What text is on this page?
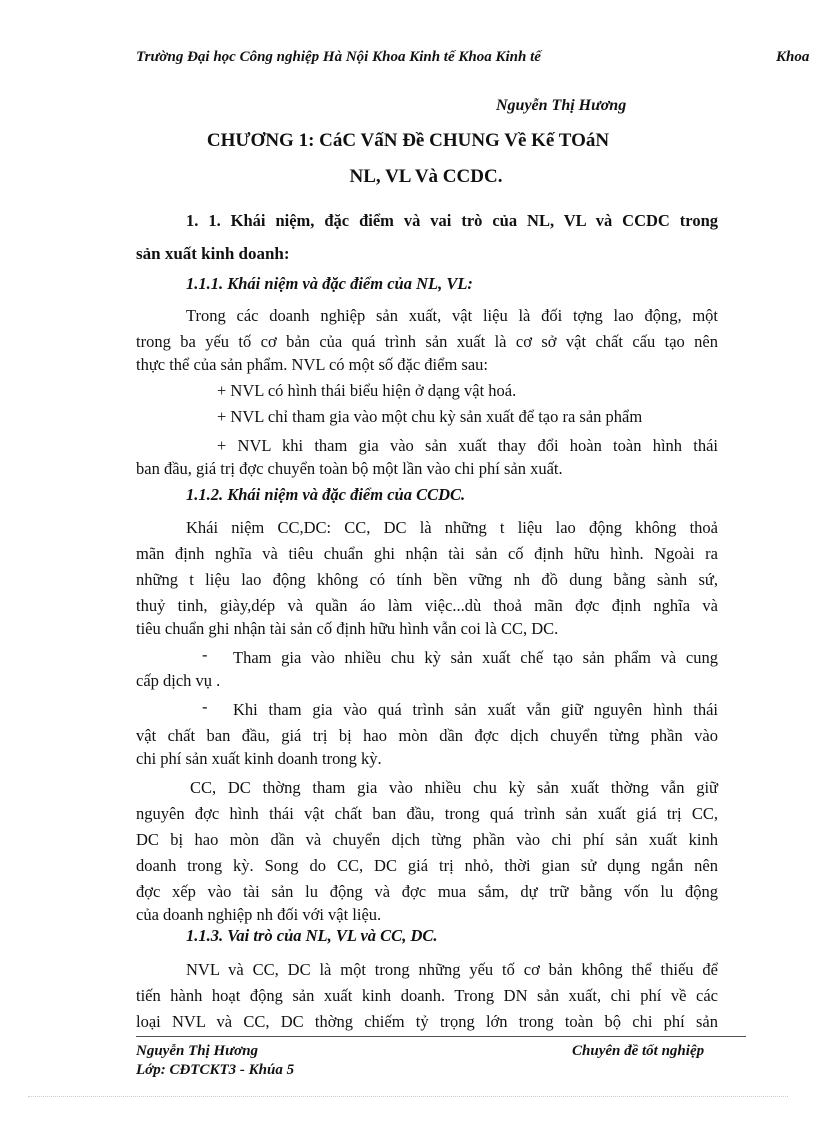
Trường Đại học Công nghiệp Hà Nội Khoa Kinh tế Khoa Kinh tế	Khoa
Nguyễn Thị Hương
CHƯƠNG 1: CáC VấN Đề CHUNG Về Kế TOáN
NL, VL Và CCDC.
1. 1. Khái niệm, đặc điểm và vai trò của NL, VL và CCDC trong
sản xuất kinh doanh:
1.1.1. Khái niệm và đặc điểm của NL, VL:
Trong các doanh nghiệp sản xuất, vật liệu là đối tợng lao động, một
trong ba yếu tố cơ bản của quá trình sản xuất là cơ sở vật chất cấu tạo nên
thực thể của sản phẩm. NVL có một số đặc điểm sau:
+ NVL có hình thái biểu hiện ở dạng vật hoá.
+ NVL chỉ tham gia vào một chu kỳ sản xuất để tạo ra sản phẩm
+ NVL khi tham gia vào sản xuất thay đổi hoàn toàn hình thái
ban đầu, giá trị đợc chuyển toàn bộ một lần vào chi phí sản xuất.
1.1.2. Khái niệm và đặc điểm của CCDC.
Khái niệm CC,DC: CC, DC là những t liệu lao động không thoả
mãn định nghĩa và tiêu chuẩn ghi nhận tài sản cố định hữu hình. Ngoài ra
những t liệu lao động không có tính bền vững nh đồ dung bằng sành sứ,
thuỷ tinh, giày,dép và quần áo làm việc...dù thoả mãn đợc định nghĩa và
tiêu chuẩn ghi nhận tài sản cố định hữu hình vẫn coi là CC, DC.
- Tham gia vào nhiều chu kỳ sản xuất chế tạo sản phẩm và cung
cấp dịch vụ .
- Khi tham gia vào quá trình sản xuất vẫn giữ nguyên hình thái
vật chất ban đầu, giá trị bị hao mòn dần đợc dịch chuyển từng phần vào
chi phí sản xuất kinh doanh trong kỳ.
CC, DC thờng tham gia vào nhiều chu kỳ sản xuất thờng vẫn giữ
nguyên đợc hình thái vật chất ban đầu, trong quá trình sản xuất giá trị CC,
DC bị hao mòn dần và chuyển dịch từng phần vào chi phí sản xuất kinh
doanh trong kỳ. Song do CC, DC giá trị nhỏ, thời gian sử dụng ngắn nên
đợc xếp vào tài sản lu động và đợc mua sắm, dự trữ bằng vốn lu động
của doanh nghiệp nh đối với vật liệu.
1.1.3. Vai trò của NL, VL và CC, DC.
NVL và CC, DC là một trong những yếu tố cơ bản không thể thiếu để
tiến hành hoạt động sản xuất kinh doanh. Trong DN sản xuất, chi phí về các
loại NVL và CC, DC thờng chiếm tỷ trọng lớn trong toàn bộ chi phí sản
Nguyễn Thị Hương	Chuyên đề tốt nghiệp
Lớp: CĐTCKT3 - Khúa 5
